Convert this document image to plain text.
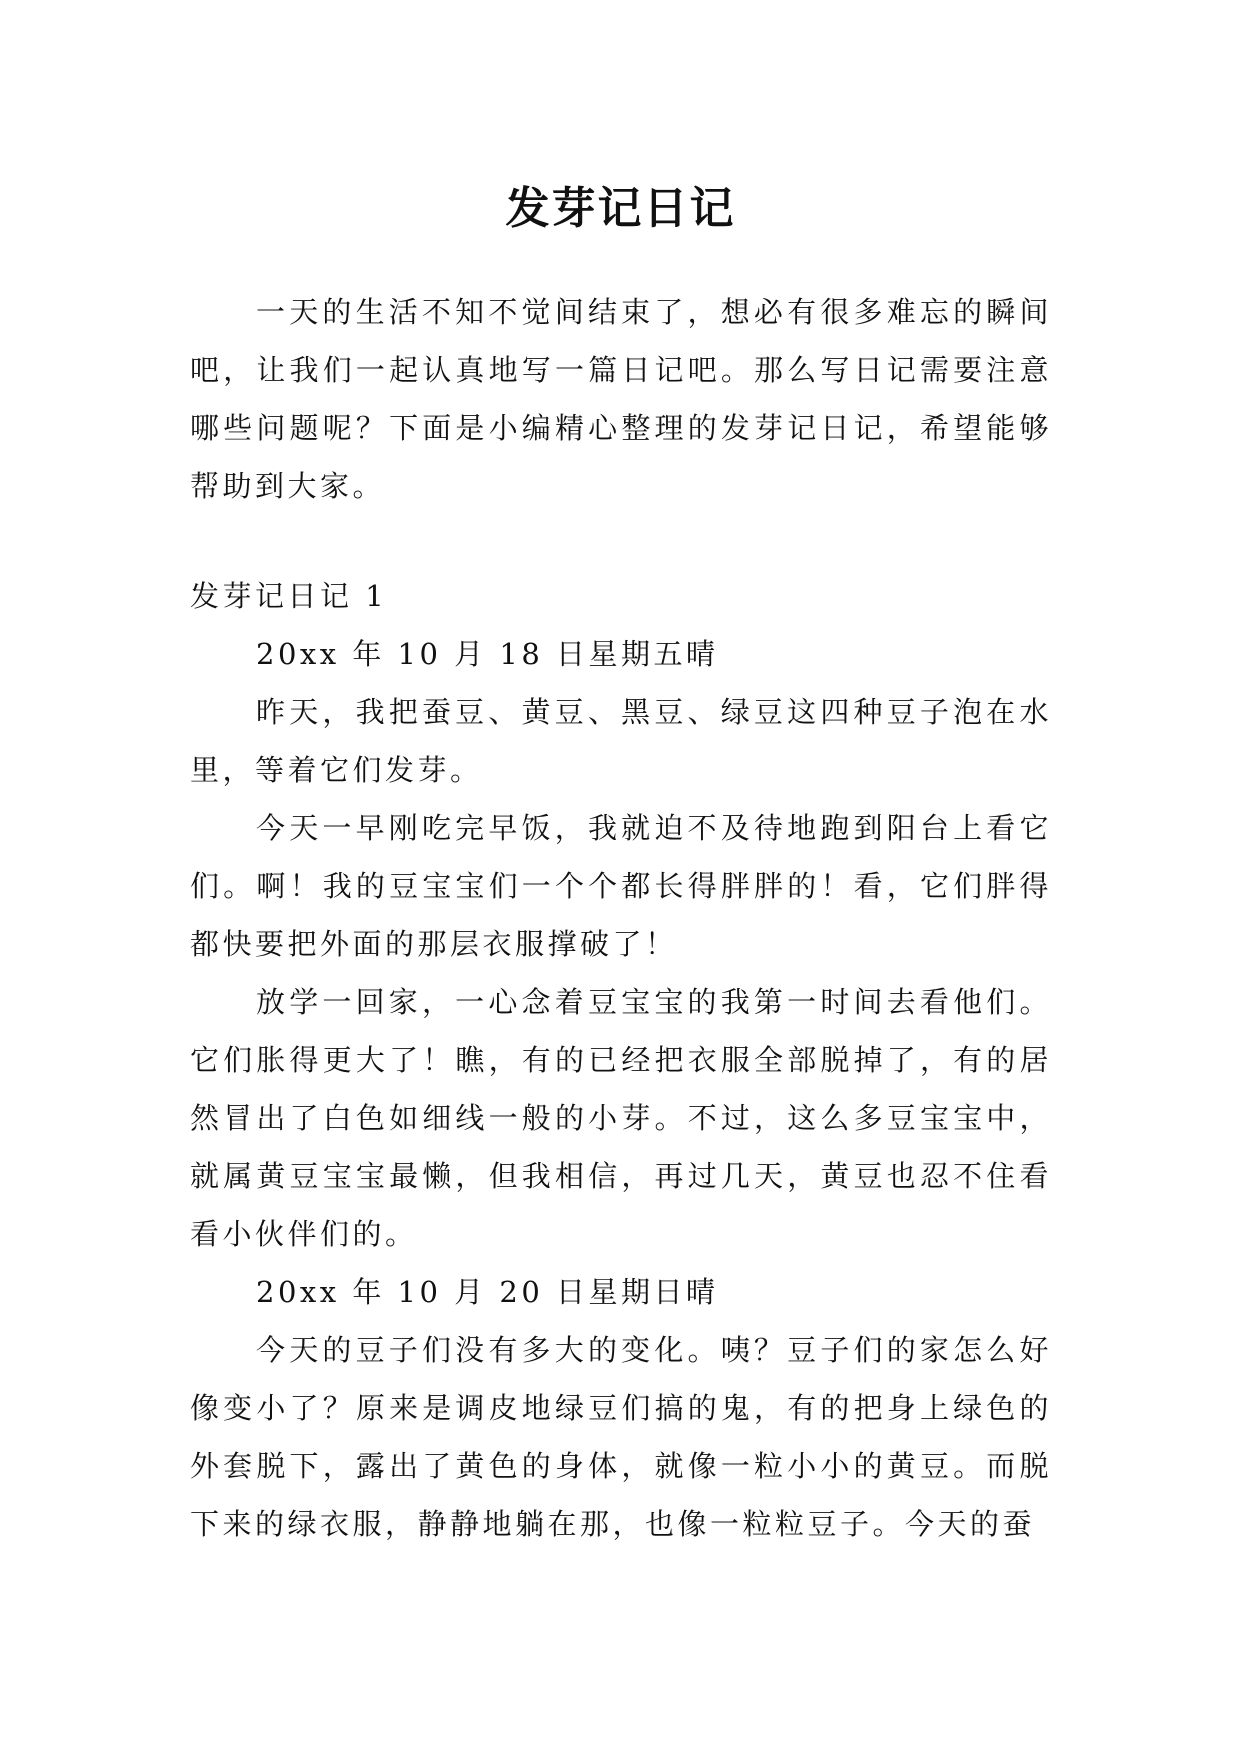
发芽记日记

一天的生活不知不觉间结束了，想必有很多难忘的瞬间吧，让我们一起认真地写一篇日记吧。那么写日记需要注意哪些问题呢？下面是小编精心整理的发芽记日记，希望能够帮助到大家。

发芽记日记 1

20xx 年 10 月 18 日星期五晴

昨天，我把蚕豆、黄豆、黑豆、绿豆这四种豆子泡在水里，等着它们发芽。

今天一早刚吃完早饭，我就迫不及待地跑到阳台上看它们。啊！我的豆宝宝们一个个都长得胖胖的！看，它们胖得都快要把外面的那层衣服撑破了！

放学一回家，一心念着豆宝宝的我第一时间去看他们。它们胀得更大了！瞧，有的已经把衣服全部脱掉了，有的居然冒出了白色如细线一般的小芽。不过，这么多豆宝宝中，就属黄豆宝宝最懒，但我相信，再过几天，黄豆也忍不住看看小伙伴们的。

20xx 年 10 月 20 日星期日晴

今天的豆子们没有多大的变化。咦？豆子们的家怎么好像变小了？原来是调皮地绿豆们搞的鬼，有的把身上绿色的外套脱下，露出了黄色的身体，就像一粒小小的黄豆。而脱下来的绿衣服，静静地躺在那，也像一粒粒豆子。今天的蚕
